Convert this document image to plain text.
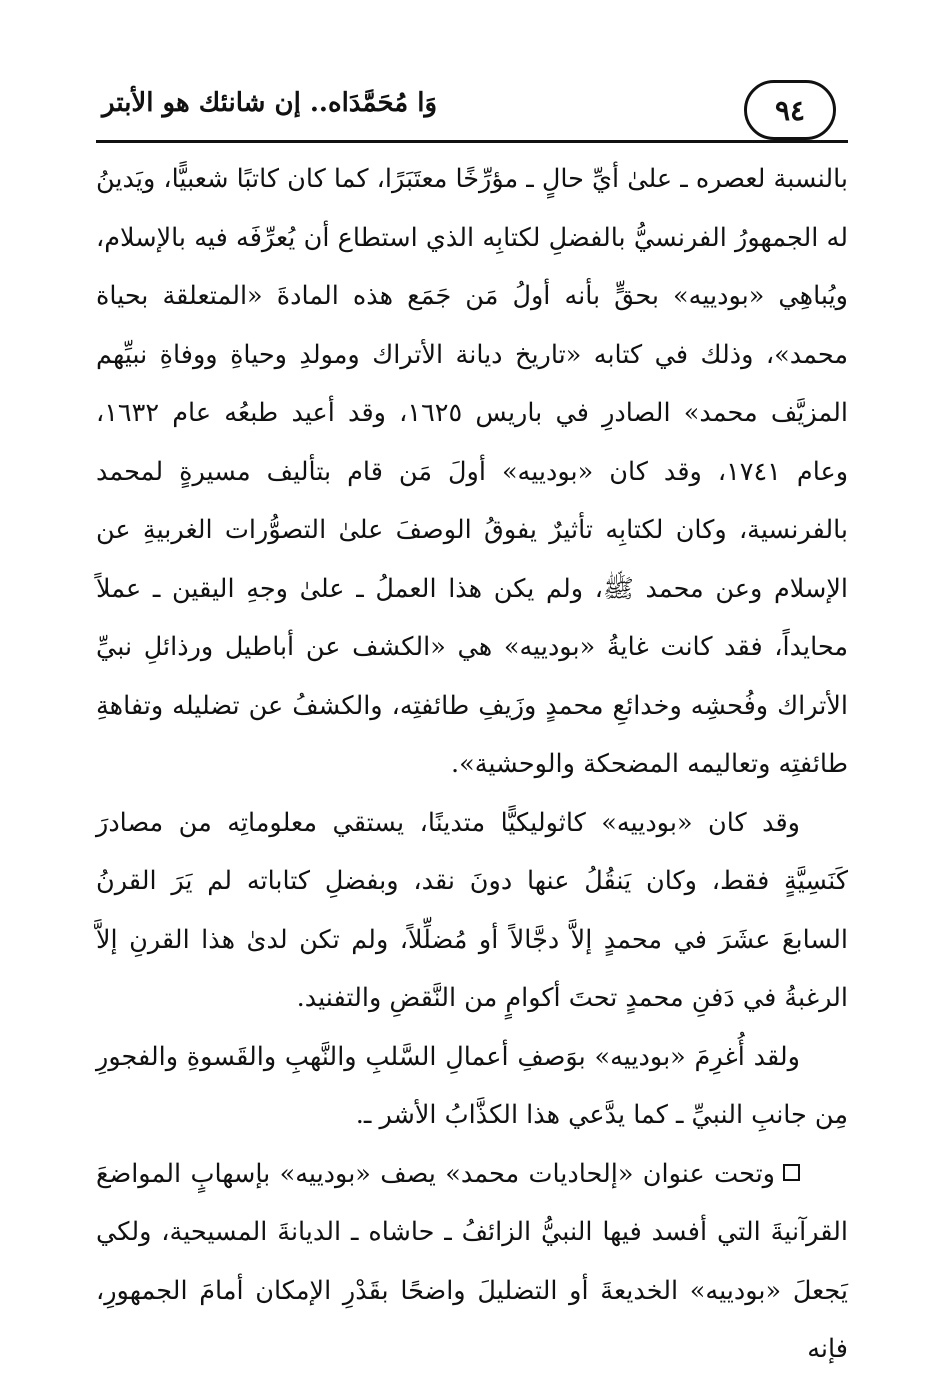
٩٤
وَا مُحَمَّدَاه.. إن شانئك هو الأبتر

بالنسبة لعصره ـ علىٰ أيِّ حالٍ ـ مؤرِّخًا معتَبَرًا، كما كان كاتبًا شعبيًّا، ويَدينُ له الجمهورُ الفرنسيُّ بالفضلِ لكتابِه الذي استطاع أن يُعرِّفَه فيه بالإسلام، ويُباهِي «بودييه» بحقٍّ بأنه أولُ مَن جَمَع هذه المادةَ «المتعلقة بحياة محمد»، وذلك في كتابه «تاريخ ديانة الأتراك ومولدِ وحياةِ ووفاةِ نبيِّهم المزيَّف محمد» الصادرِ في باريس ١٦٢٥، وقد أعيد طبعُه عام ١٦٣٢، وعام ١٧٤١، وقد كان «بودييه» أولَ مَن قام بتأليف مسيرةٍ لمحمد بالفرنسية، وكان لكتابِه تأثيرٌ يفوقُ الوصفَ علىٰ التصوُّرات الغربيةِ عن الإسلام وعن محمد ﷺ، ولم يكن هذا العملُ ـ علىٰ وجهِ اليقين ـ عملاً محايداً، فقد كانت غايةُ «بودييه» هي «الكشف عن أباطيل ورذائلِ نبيِّ الأتراك وفُحشِه وخدائعِ محمدٍ وزَيفِ طائفتِه، والكشفُ عن تضليله وتفاهةِ طائفتِه وتعاليمه المضحكة والوحشية».

وقد كان «بودييه» كاثوليكيًّا متدينًا، يستقي معلوماتِه من مصادرَ كَنَسِيَّةٍ فقط، وكان يَنقُلُ عنها دونَ نقد، وبفضلِ كتاباته لم يَرَ القرنُ السابعَ عشَرَ في محمدٍ إلاَّ دجَّالاً أو مُضلِّلاً، ولم تكن لدىٰ هذا القرنِ إلاَّ الرغبةُ في دَفنِ محمدٍ تحتَ أكوامٍ من النَّقضِ والتفنيد.

ولقد أُغرِمَ «بودييه» بوَصفِ أعمالِ السَّلبِ والنَّهبِ والقَسوةِ والفجورِ مِن جانبِ النبيِّ ـ كما يدَّعي هذا الكذَّابُ الأشر ـ.

وتحت عنوان «إلحاديات محمد» يصف «بودييه» بإسهابٍ المواضعَ القرآنيةَ التي أفسد فيها النبيُّ الزائفُ ـ حاشاه ـ الديانةَ المسيحية، ولكي يَجعلَ «بودييه» الخديعةَ أو التضليلَ واضحًا بقَدْرِ الإمكان أمامَ الجمهورِ، فإنه
